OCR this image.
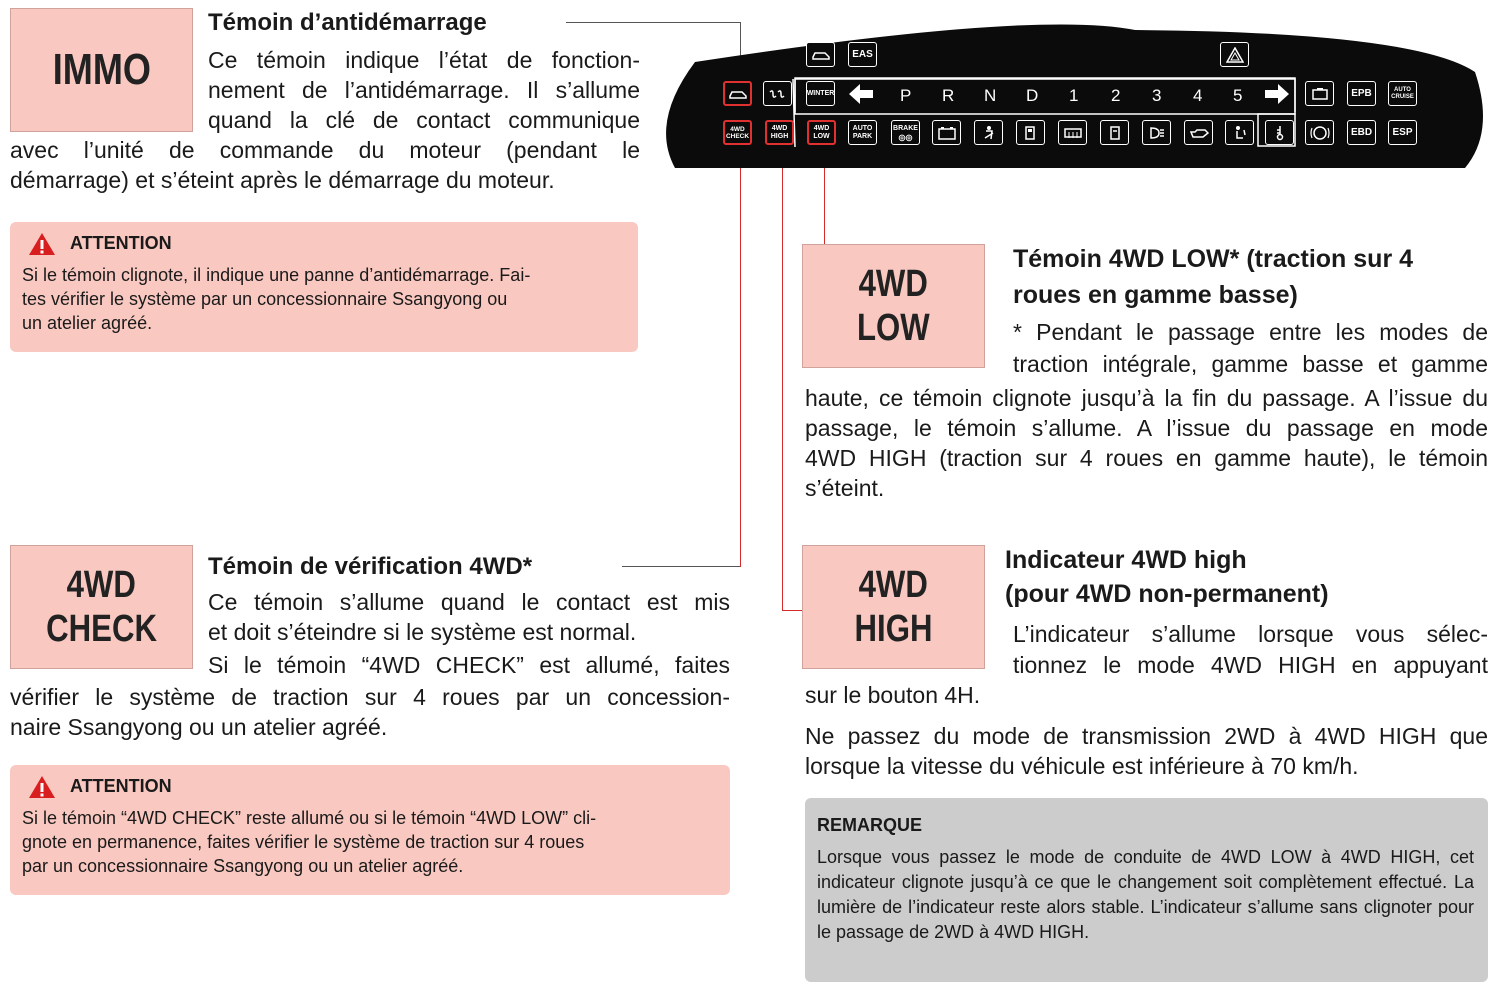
IMMO

Témoin d’antidémarrage

Ce témoin indique l’état de fonction-

nement de l’antidémarrage. Il s’allume

quand la clé de contact communique

avec l’unité de commande du moteur (pendant le

démarrage) et s’éteint après le démarrage du moteur.

ATTENTION

Si le témoin clignote, il indique une panne d’antidémarrage. Fai-

tes vérifier le système par un concessionnaire Ssangyong ou

un atelier agréé.

4WD
CHECK

Témoin de vérification 4WD*

Ce témoin s’allume quand le contact est mis

et doit s’éteindre si le système est normal.

Si le témoin “4WD CHECK” est allumé, faites

vérifier le système de traction sur 4 roues par un concession-

naire Ssangyong ou un atelier agréé.

ATTENTION

Si le témoin “4WD CHECK” reste allumé ou si le témoin “4WD LOW” cli-

gnote en permanence, faites vérifier le système de traction sur 4 roues

par un concessionnaire Ssangyong ou un atelier agréé.

4WD
LOW

Témoin 4WD LOW* (traction sur 4

roues en gamme basse)

* Pendant le passage entre les modes de

traction intégrale, gamme basse et gamme

haute, ce témoin clignote jusqu’à la fin du passage. A l’issue du

passage, le témoin s’allume. A l’issue du passage en mode

4WD HIGH (traction sur 4 roues en gamme haute), le témoin

s’éteint.

4WD
HIGH

Indicateur 4WD high

(pour 4WD non-permanent)

L’indicateur s’allume lorsque vous sélec-

tionnez le mode 4WD HIGH en appuyant

sur le bouton 4H.

Ne passez du mode de transmission 2WD à 4WD HIGH que

lorsque la vitesse du véhicule est inférieure à 70 km/h.

REMARQUE

Lorsque vous passez le mode de conduite de 4WD LOW à 4WD HIGH, cet indicateur clignote jusqu’à ce que le changement soit complètement effectué. La lumière de l’indicateur reste alors stable. L’indicateur s’allume sans clignoter pour le passage de 2WD à 4WD HIGH.

EAS
WINTER	P R N D 1 2 3 4 5	EPB	AUTO CRUISE
4WD CHECK
4WD HIGH
4WD LOW
AUTO PARK
BRAKE
◎◎	EBD	ESP
